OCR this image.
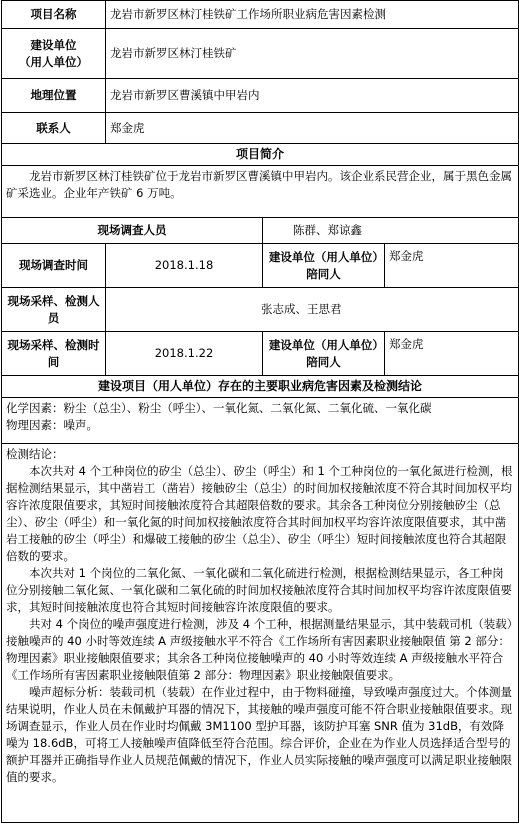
项目名称	龙岩市新罗区林汀桂铁矿工作场所职业病危害因素检测		

建设单位
（用人单位）	龙岩市新罗区林汀桂铁矿		
地理位置	龙岩市新罗区曹溪镇中甲岩内		
联系人	郑金虎		
项目简介			

龙岩市新罗区林汀桂铁矿位于龙岩市新罗区曹溪镇中甲岩内。该企业系民营企业，属于黑色金属矿采选业。企业年产铁矿 6 万吨。			

现场调查人员		陈群、郑谅鑫	
现场调查时间	2018.1.18	建设单位（用人单位）陪同人	郑金虎
现场采样、检测人员	张志成、王思君		
现场采样、检测时间	2018.1.22	建设单位（用人单位）陪同人	郑金虎
建设项目（用人单位）存在的主要职业病危害因素及检测结论			

化学因素：粉尘（总尘）、粉尘（呼尘）、一氧化氮、二氧化氮、二氧化硫、一氧化碳

物理因素：噪声。			

检测结论：

本次共对 4 个工种岗位的矽尘（总尘）、矽尘（呼尘）和 1 个工种岗位的一氧化氮进行检测，根据检测结果显示，其中凿岩工（凿岩）接触矽尘（总尘）的时间加权接触浓度不符合其时间加权平均容许浓度限值要求，其短时间接触浓度符合其超限倍数的要求。其余各工种岗位分别接触矽尘（总尘）、矽尘（呼尘）和一氧化氮的时间加权接触浓度符合其时间加权平均容许浓度限值要求，其中凿岩工接触的矽尘（呼尘）和爆破工接触的矽尘（总尘）、矽尘（呼尘）短时间接触浓度也符合其超限倍数的要求。

本次共对 1 个岗位的二氧化氮、一氧化碳和二氧化硫进行检测，根据检测结果显示，各工种岗位分别接触二氧化氮、一氧化碳和二氧化硫的时间加权接触浓度符合其时间加权平均容许浓度限值要求，其短时间接触浓度也符合其短时间接触容许浓度限值的要求。

共对 4 个岗位的噪声强度进行检测，涉及 4 个工种，根据测量结果显示，其中装载司机（装载）接触噪声的 40 小时等效连续 A 声级接触水平不符合《工作场所有害因素职业接触限值 第 2 部分：物理因素》职业接触限值要求；其余各工种岗位接触噪声的 40 小时等效连续 A 声级接触水平符合《工作场所有害因素职业接触限值第 2 部分：物理因素》职业接触限值要求。

噪声超标分析：装载司机（装载）在作业过程中，由于物料碰撞，导致噪声强度过大。个体测量结果说明，作业人员在未佩戴护耳器的情况下，其接触的噪声强度可能不符合职业接触限值要求。现场调查显示，作业人员在作业时均佩戴 3M1100 型护耳器，该防护耳塞 SNR 值为 31dB，有效降噪为 18.6dB，可将工人接触噪声值降低至符合范围。综合评价，企业在为作业人员选择适合型号的额护耳器并正确指导作业人员规范佩戴的情况下，作业人员实际接触的噪声强度可以满足职业接触限值的要求。			
